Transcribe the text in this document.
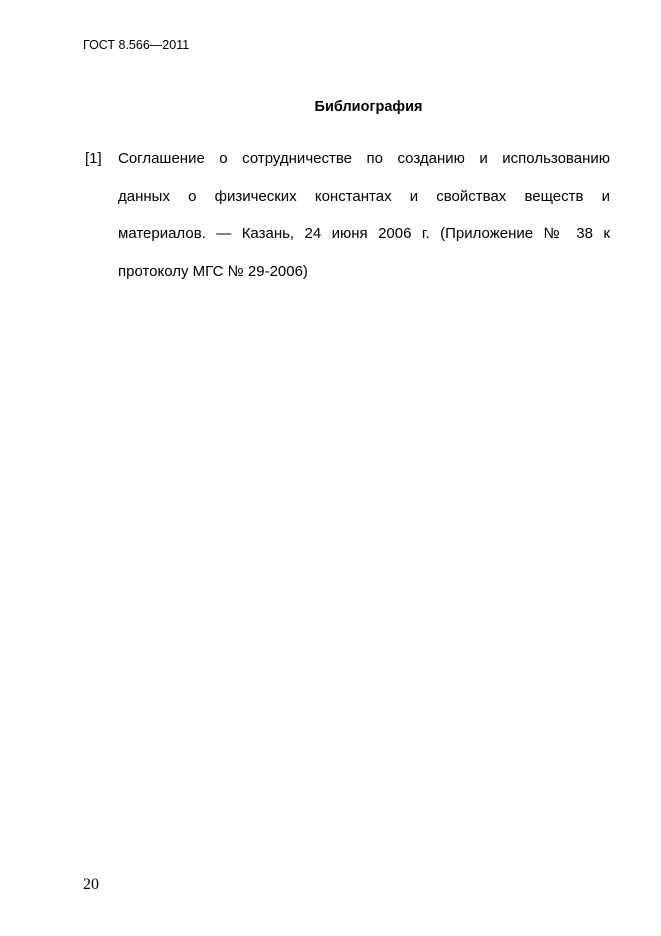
ГОСТ 8.566—2011
Библиография
[1] Соглашение о сотрудничестве по созданию и использованию
данных о физических константах и свойствах веществ и
материалов. — Казань, 24 июня 2006 г. (Приложение № 38 к
протоколу МГС № 29-2006)
20
